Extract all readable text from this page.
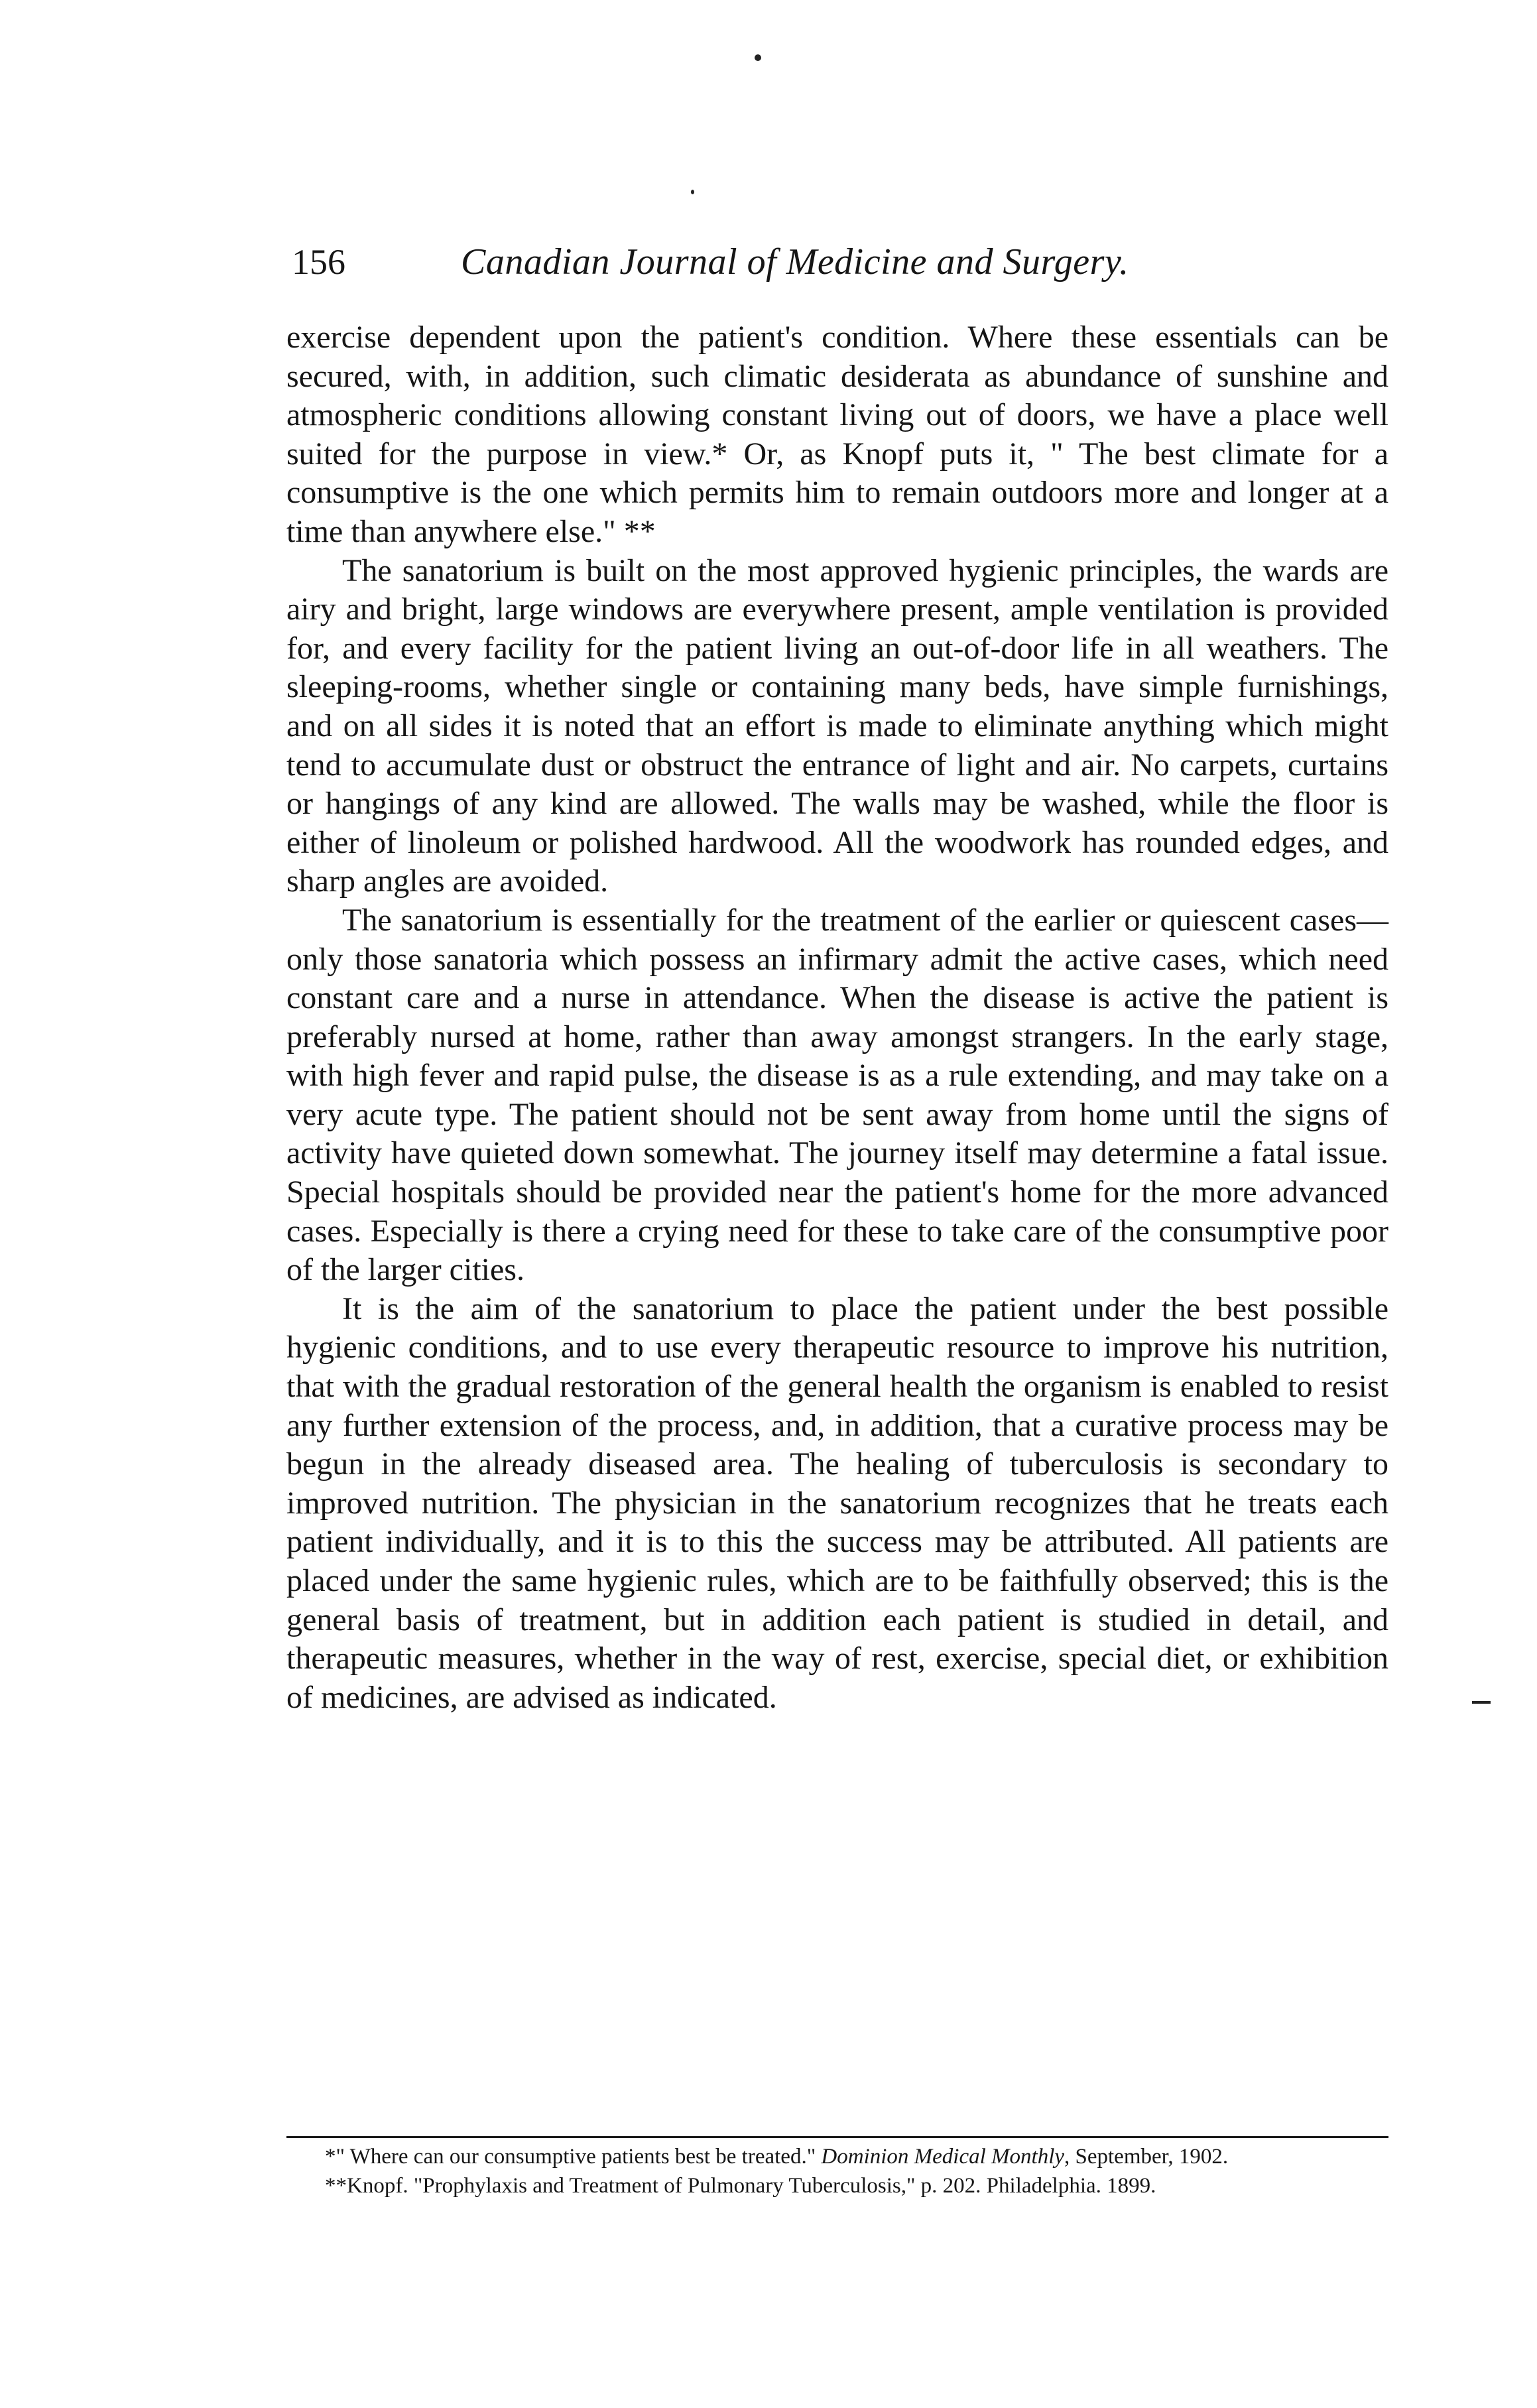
156	Canadian Journal of Medicine and Surgery.

exercise dependent upon the patient's condition. Where these essentials can be secured, with, in addition, such climatic desiderata as abundance of sunshine and atmospheric conditions allowing constant living out of doors, we have a place well suited for the purpose in view.* Or, as Knopf puts it, " The best climate for a consumptive is the one which permits him to remain outdoors more and longer at a time than anywhere else." **

The sanatorium is built on the most approved hygienic principles, the wards are airy and bright, large windows are everywhere present, ample ventilation is provided for, and every facility for the patient living an out-of-door life in all weathers. The sleeping-rooms, whether single or containing many beds, have simple furnishings, and on all sides it is noted that an effort is made to eliminate anything which might tend to accumulate dust or obstruct the entrance of light and air. No carpets, curtains or hangings of any kind are allowed. The walls may be washed, while the floor is either of linoleum or polished hardwood. All the woodwork has rounded edges, and sharp angles are avoided.

The sanatorium is essentially for the treatment of the earlier or quiescent cases—only those sanatoria which possess an infirmary admit the active cases, which need constant care and a nurse in attendance. When the disease is active the patient is preferably nursed at home, rather than away amongst strangers. In the early stage, with high fever and rapid pulse, the disease is as a rule extending, and may take on a very acute type. The patient should not be sent away from home until the signs of activity have quieted down somewhat. The journey itself may determine a fatal issue. Special hospitals should be provided near the patient's home for the more advanced cases. Especially is there a crying need for these to take care of the consumptive poor of the larger cities.

It is the aim of the sanatorium to place the patient under the best possible hygienic conditions, and to use every therapeutic resource to improve his nutrition, that with the gradual restoration of the general health the organism is enabled to resist any further extension of the process, and, in addition, that a curative process may be begun in the already diseased area. The healing of tuberculosis is secondary to improved nutrition. The physician in the sanatorium recognizes that he treats each patient individually, and it is to this the success may be attributed. All patients are placed under the same hygienic rules, which are to be faithfully observed; this is the general basis of treatment, but in addition each patient is studied in detail, and therapeutic measures, whether in the way of rest, exercise, special diet, or exhibition of medicines, are advised as indicated.

*" Where can our consumptive patients best be treated." Dominion Medical Monthly, September, 1902.

**Knopf. "Prophylaxis and Treatment of Pulmonary Tuberculosis," p. 202. Philadelphia. 1899.
